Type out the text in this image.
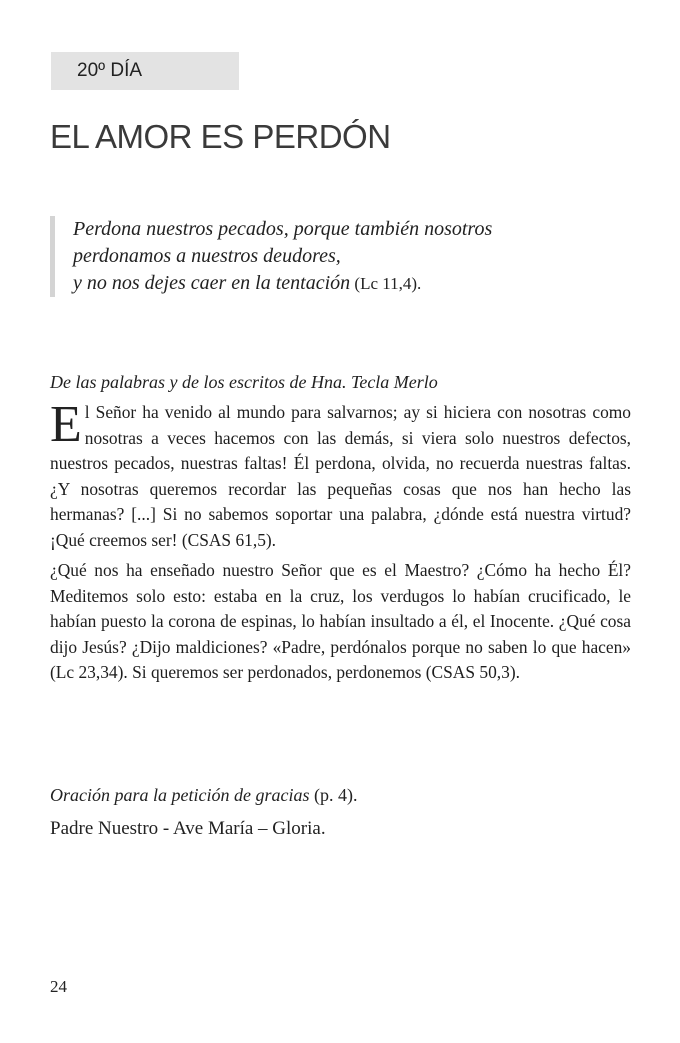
20º DÍA
EL AMOR ES PERDÓN
Perdona nuestros pecados, porque también nosotros
perdonamos a nuestros deudores,
y no nos dejes caer en la tentación (Lc 11,4).
De las palabras y de los escritos de Hna. Tecla Merlo

El Señor ha venido al mundo para salvarnos; ay si hiciera con nosotras como nosotras a veces hacemos con las demás, si viera solo nuestros defectos, nuestros pecados, nuestras faltas! Él perdona, olvida, no recuerda nuestras faltas. ¿Y nosotras queremos recordar las pequeñas cosas que nos han hecho las hermanas? [...] Si no sabemos soportar una palabra, ¿dónde está nuestra virtud? ¡Qué creemos ser! (CSAS 61,5).

¿Qué nos ha enseñado nuestro Señor que es el Maestro? ¿Cómo ha hecho Él? Meditemos solo esto: estaba en la cruz, los verdugos lo habían crucificado, le habían puesto la corona de espinas, lo habían insultado a él, el Inocente. ¿Qué cosa dijo Jesús? ¿Dijo maldiciones? «Padre, perdónalos porque no saben lo que hacen» (Lc 23,34). Si queremos ser perdonados, perdonemos (CSAS 50,3).

Oración para la petición de gracias (p. 4).
Padre Nuestro - Ave María – Gloria.
24
